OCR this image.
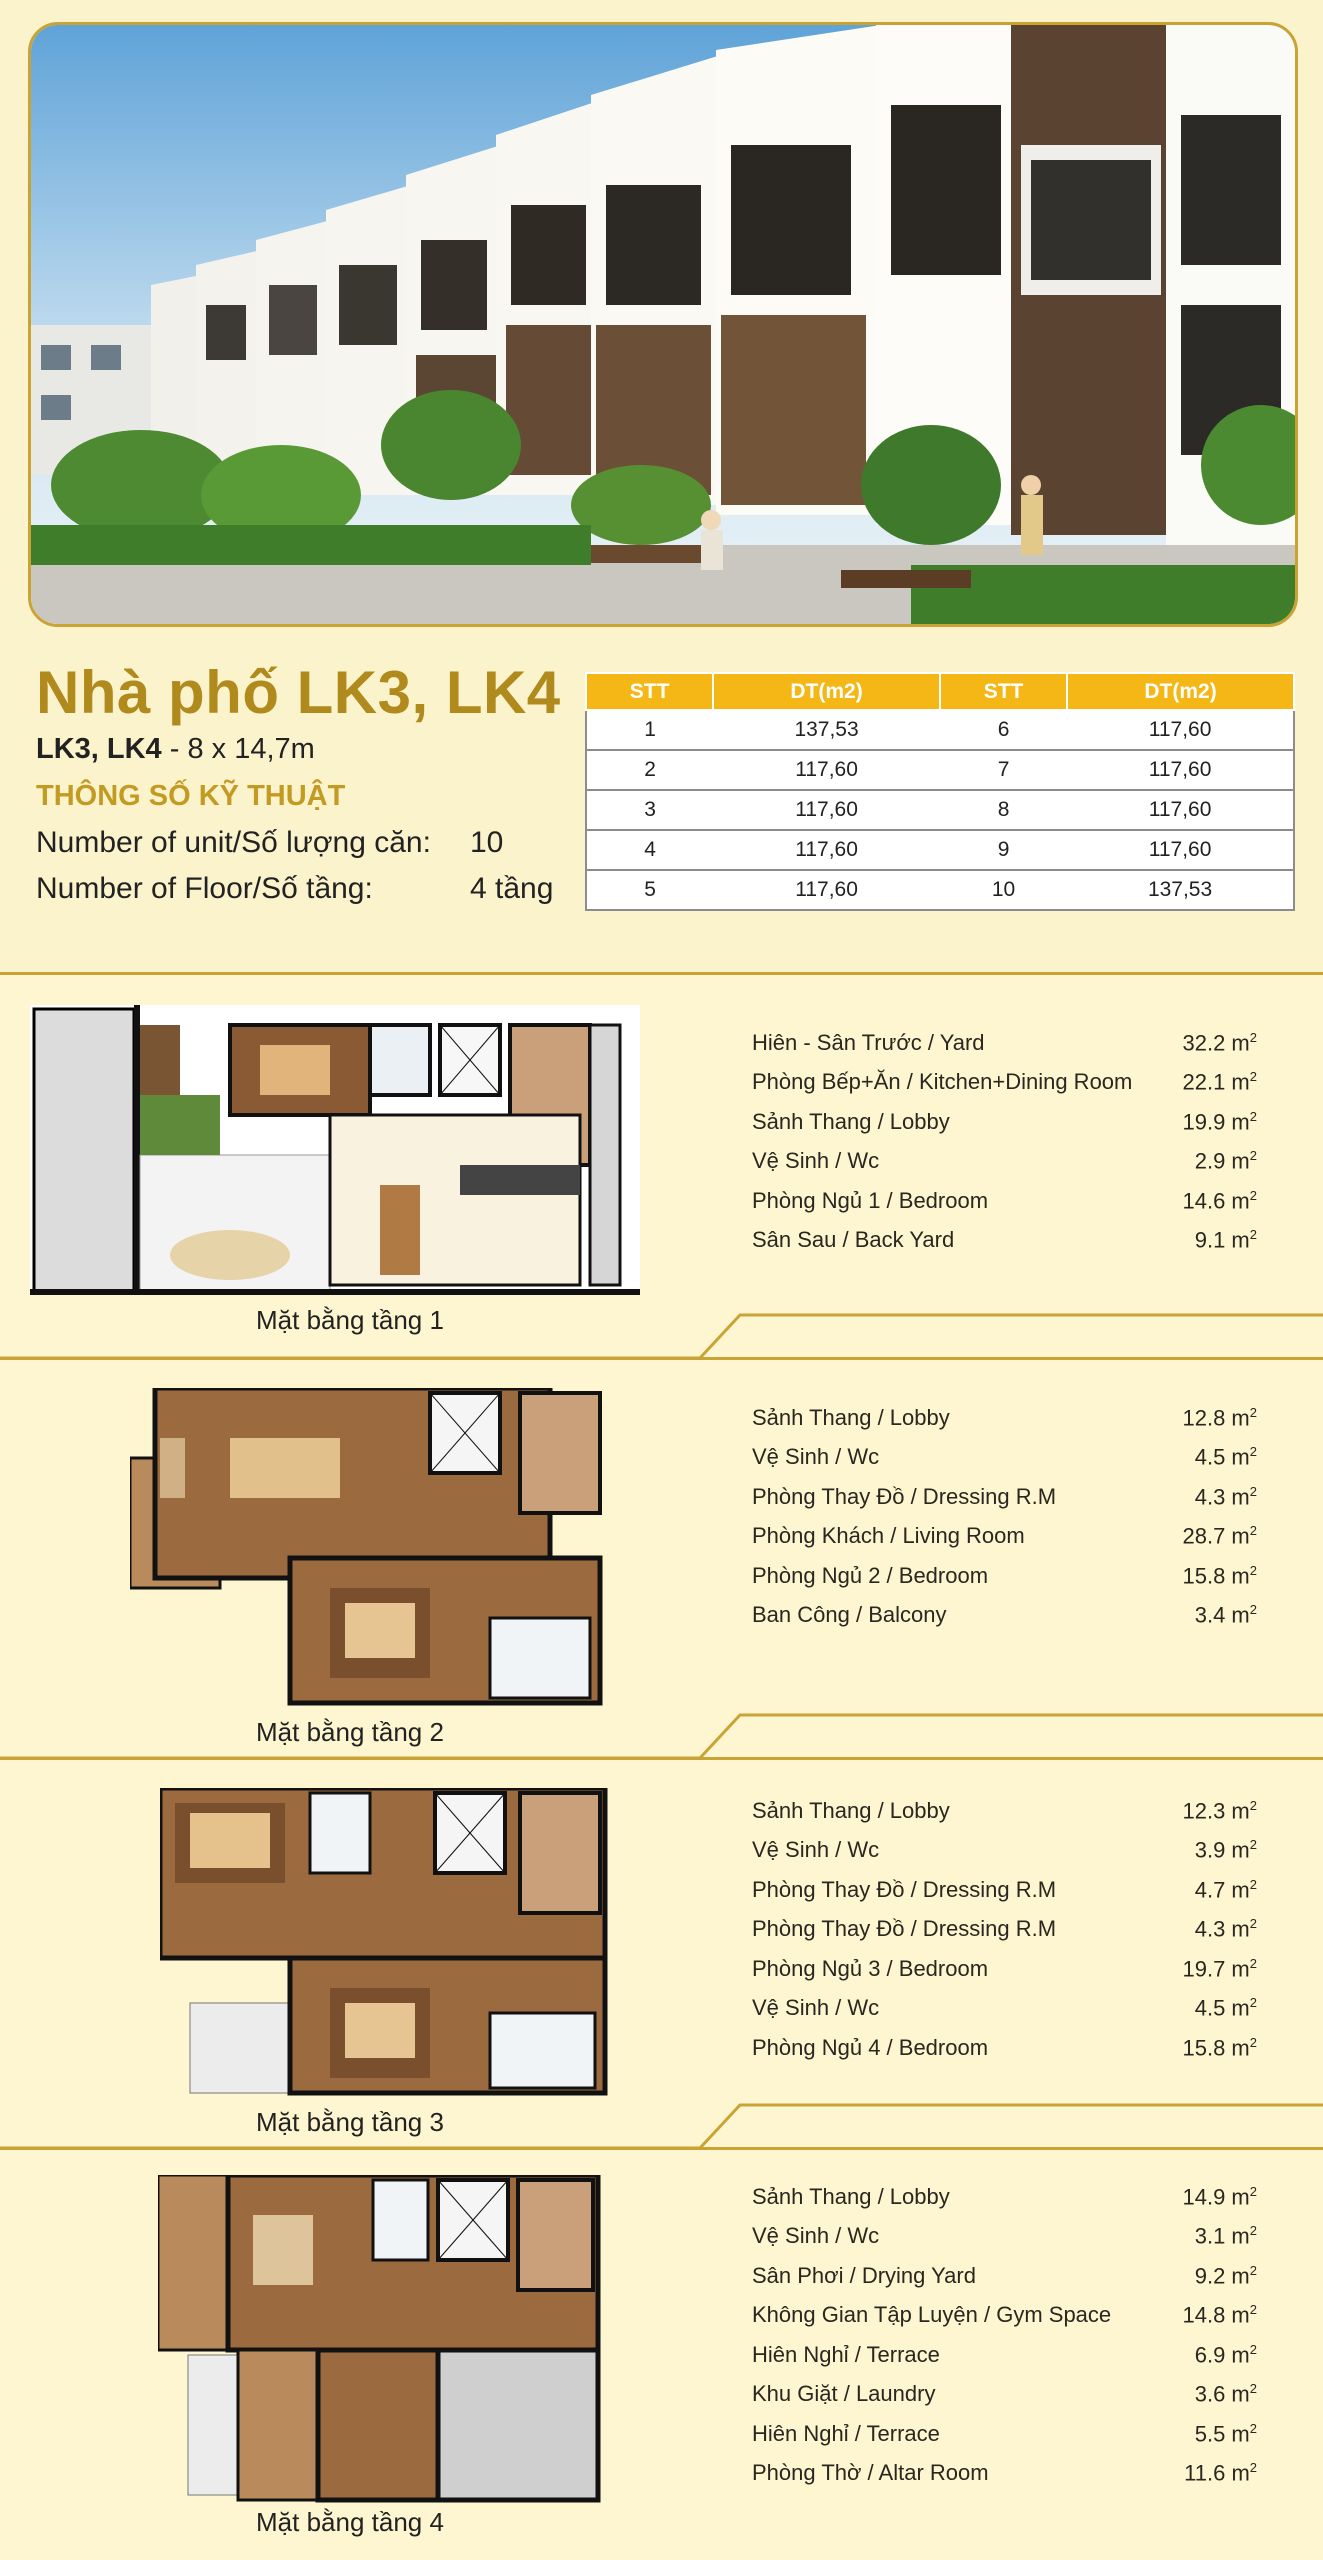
Nhà phố LK3, LK4
LK3, LK4 - 8 x 14,7m
THÔNG SỐ KỸ THUẬT
Number of unit/Số lượng căn: 10
Number of Floor/Số tầng:	4 tầng
STT	DT(m2)	STT	DT(m2)
1	137,53	6	117,60
2	117,60	7	117,60
3	117,60	8	117,60
4	117,60	9	117,60
5	117,60	10	137,53
Mặt bằng tầng 1
Hiên - Sân Trước / Yard	32.2 $m^2$
Phòng Bếp+Ăn / Kitchen+Dining Room 22.1 $m^2$
Sảnh Thang / Lobby	19.9 $m^2$
Vệ Sinh / Wc	2.9 $m^2$
Phòng Ngủ 1 / Bedroom	14.6 $m^2$
Sân Sau / Back Yard	9.1 $m^2$
Mặt bằng tầng 2
Sảnh Thang / Lobby	12.8 $m^2$
Vệ Sinh / Wc	4.5 $m^2$
Phòng Thay Đồ / Dressing R.M	4.3 $m^2$
Phòng Khách / Living Room	28.7 $m^2$
Phòng Ngủ 2 / Bedroom	15.8 $m^2$
Ban Công / Balcony	3.4 $m^2$
Mặt bằng tầng 3
Sảnh Thang / Lobby	12.3 $m^2$
Vệ Sinh / Wc	3.9 $m^2$
Phòng Thay Đồ / Dressing R.M	4.7 $m^2$
Phòng Thay Đồ / Dressing R.M	4.3 $m^2$
Phòng Ngủ 3 / Bedroom	19.7 $m^2$
Vệ Sinh / Wc	4.5 $m^2$
Phòng Ngủ 4 / Bedroom	15.8 $m^2$
Mặt bằng tầng 4
Sảnh Thang / Lobby	14.9 $m^2$
Vệ Sinh / Wc	3.1 $m^2$
Sân Phơi / Drying Yard	9.2 $m^2$
Không Gian Tập Luyện / Gym Space	14.8 $m^2$
Hiên Nghỉ / Terrace	6.9 $m^2$
Khu Giặt / Laundry	3.6 $m^2$
Hiên Nghỉ / Terrace	5.5 $m^2$
Phòng Thờ / Altar Room	11.6 $m^2$
